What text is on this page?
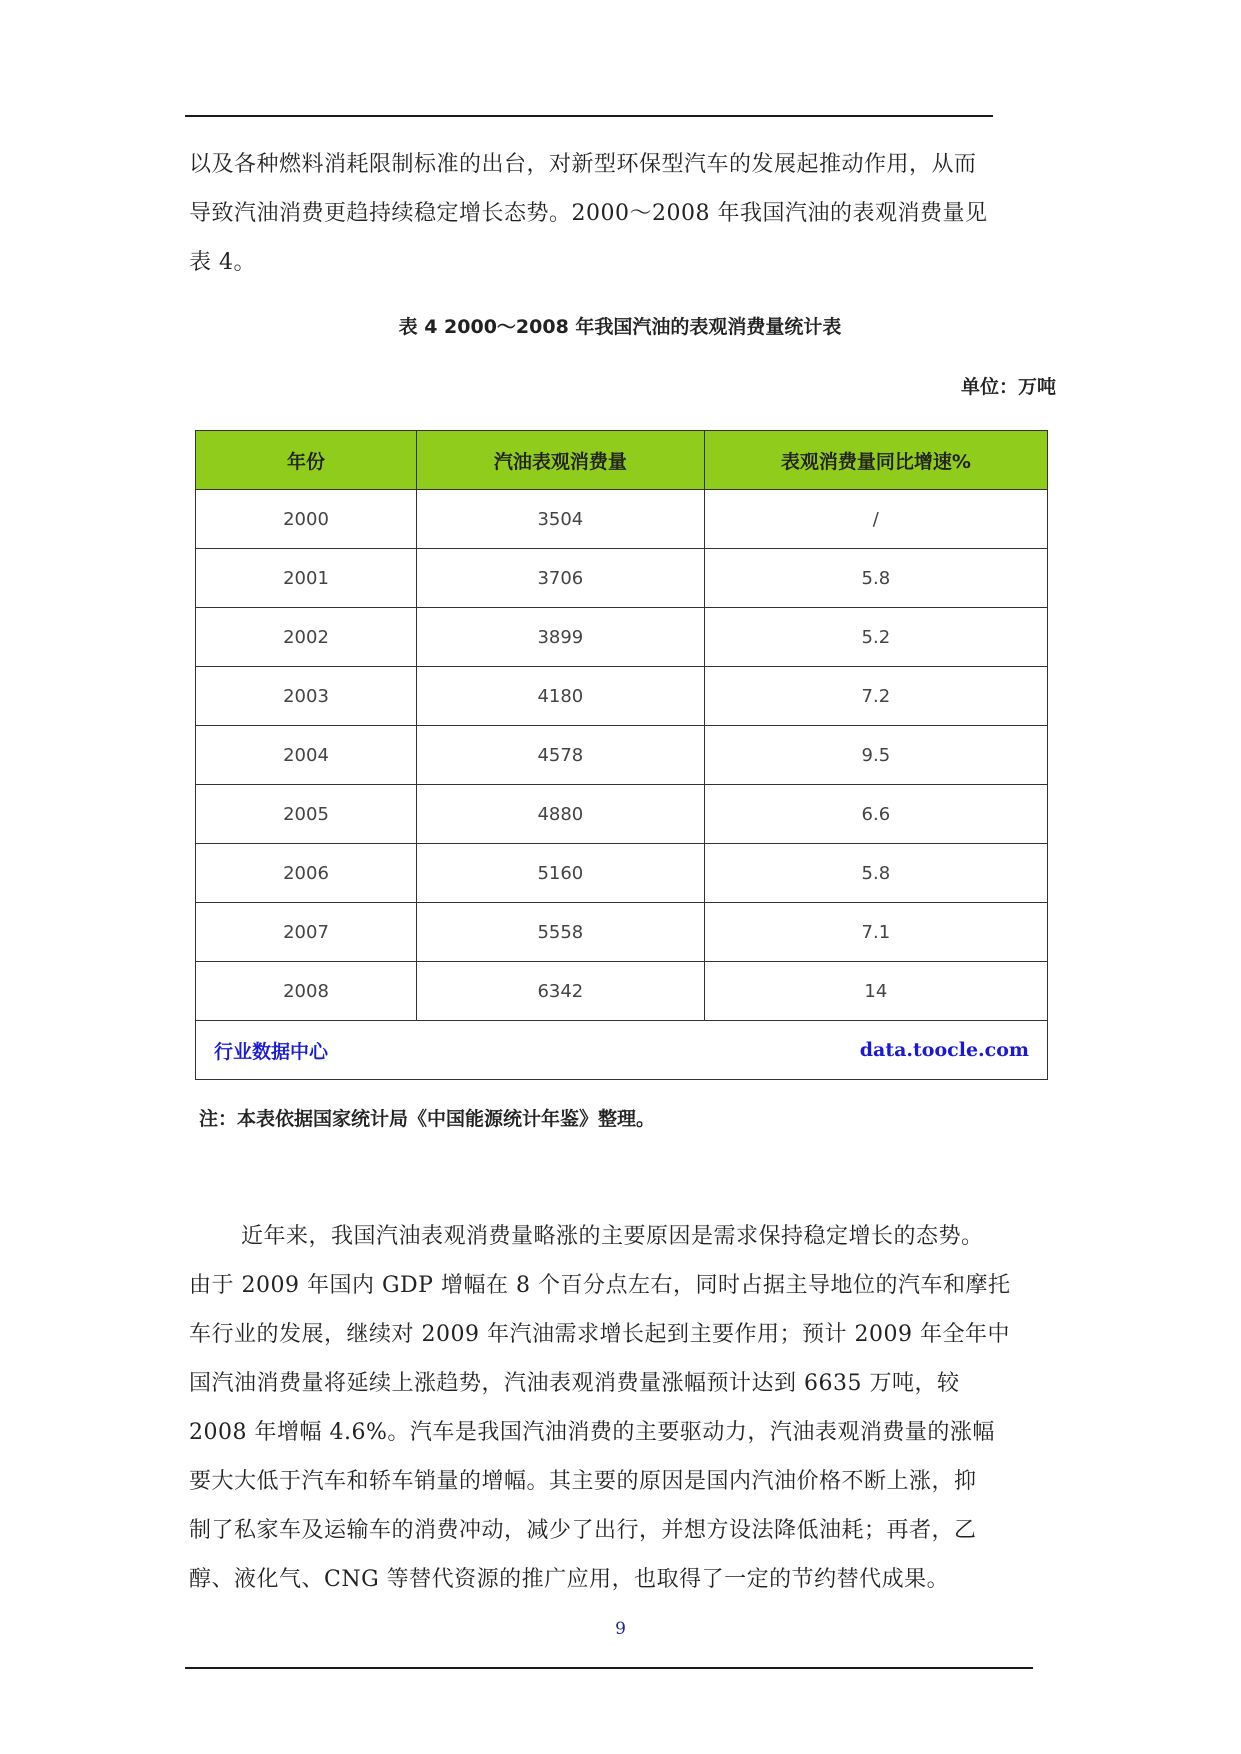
以及各种燃料消耗限制标准的出台，对新型环保型汽车的发展起推动作用，从而

导致汽油消费更趋持续稳定增长态势。2000～2008 年我国汽油的表观消费量见

表 4。

表 4 2000～2008 年我国汽油的表观消费量统计表
单位：万吨
年份	汽油表观消费量	表观消费量同比增速%
2000	3504	/
2001	3706	5.8
2002	3899	5.2
2003	4180	7.2
2004	4578	9.5
2005	4880	6.6
2006	5160	5.8
2007	5558	7.1
2008	6342	14

行业数据中心 data.toocle.com		
注：本表依据国家统计局《中国能源统计年鉴》整理。

近年来，我国汽油表观消费量略涨的主要原因是需求保持稳定增长的态势。

由于 2009 年国内 GDP 增幅在 8 个百分点左右，同时占据主导地位的汽车和摩托

车行业的发展，继续对 2009 年汽油需求增长起到主要作用；预计 2009 年全年中

国汽油消费量将延续上涨趋势，汽油表观消费量涨幅预计达到 6635 万吨，较

2008 年增幅 4.6%。汽车是我国汽油消费的主要驱动力，汽油表观消费量的涨幅

要大大低于汽车和轿车销量的增幅。其主要的原因是国内汽油价格不断上涨，抑

制了私家车及运输车的消费冲动，减少了出行，并想方设法降低油耗；再者，乙

醇、液化气、CNG 等替代资源的推广应用，也取得了一定的节约替代成果。

9
